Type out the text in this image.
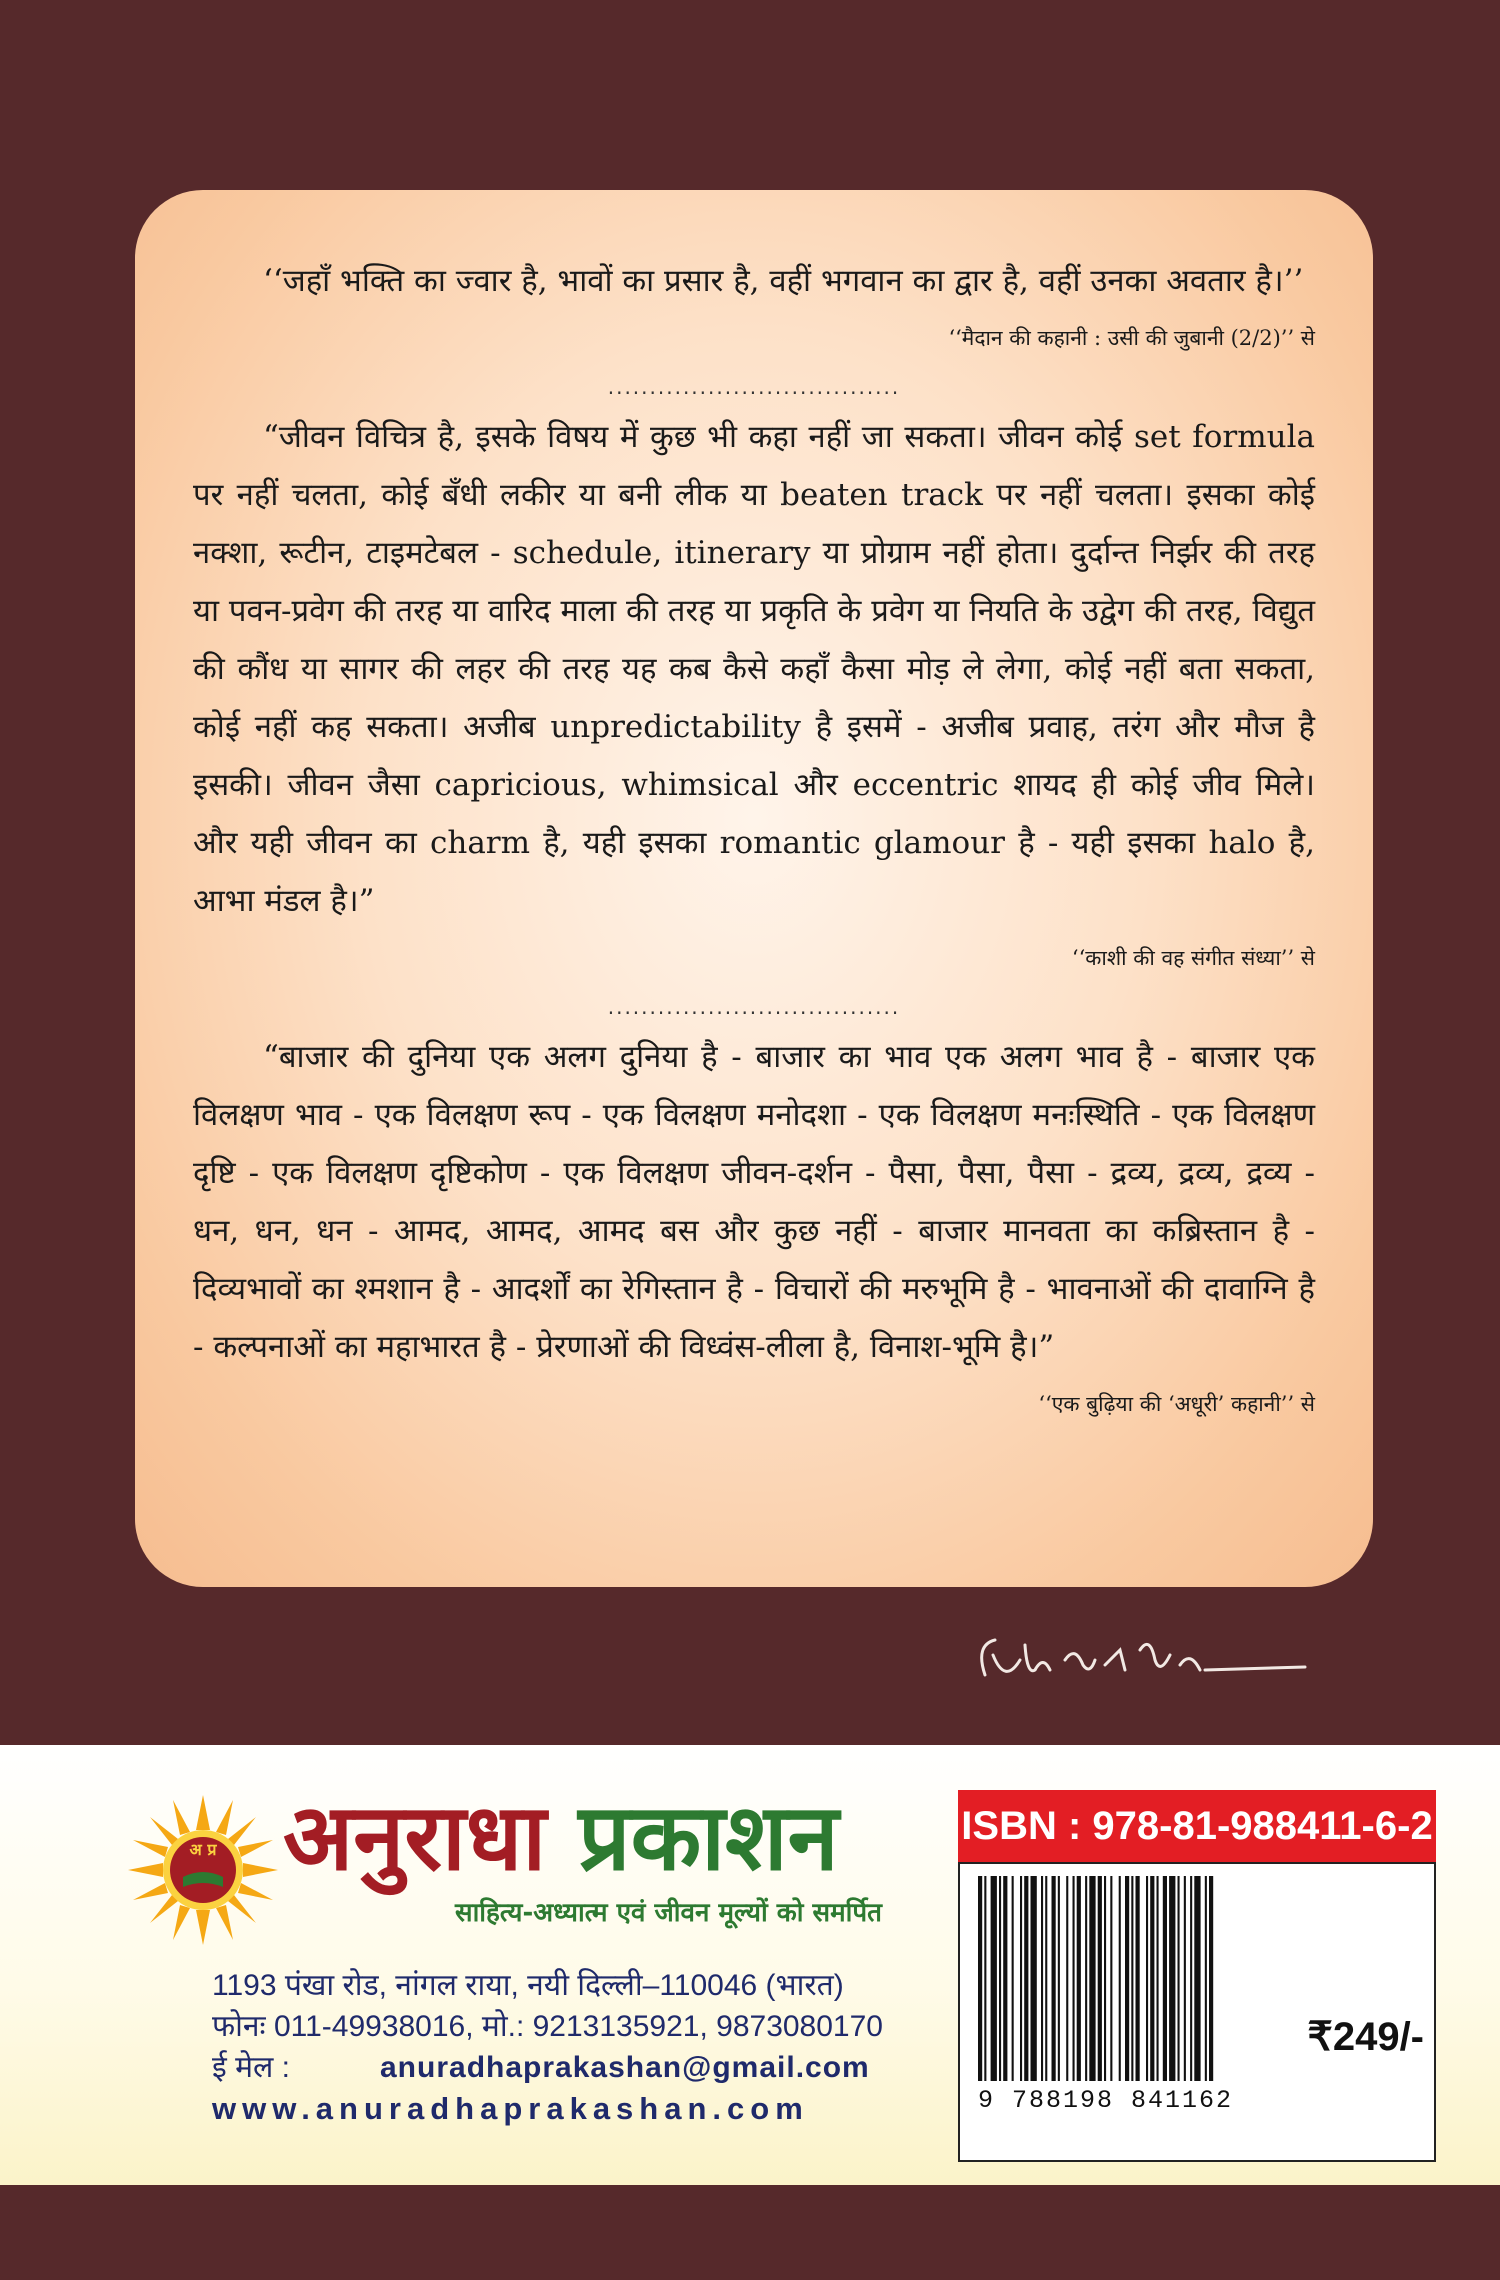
‘‘जहाँ भक्ति का ज्वार है, भावों का प्रसार है, वहीं भगवान का द्वार है, वहीं उनका अवतार है।’’

‘‘मैदान की कहानी : उसी की जुबानी (2/2)’’ से

...................................

“जीवन विचित्र है, इसके विषय में कुछ भी कहा नहीं जा सकता। जीवन कोई set formula पर नहीं चलता, कोई बँधी लकीर या बनी लीक या beaten track पर नहीं चलता। इसका कोई नक्शा, रूटीन, टाइमटेबल - schedule, itinerary या प्रोग्राम नहीं होता। दुर्दान्त निर्झर की तरह या पवन-प्रवेग की तरह या वारिद माला की तरह या प्रकृति के प्रवेग या नियति के उद्वेग की तरह, विद्युत की कौंध या सागर की लहर की तरह यह कब कैसे कहाँ कैसा मोड़ ले लेगा, कोई नहीं बता सकता, कोई नहीं कह सकता। अजीब unpredictability है इसमें - अजीब प्रवाह, तरंग और मौज है इसकी। जीवन जैसा capricious, whimsical और eccentric शायद ही कोई जीव मिले। और यही जीवन का charm है, यही इसका romantic glamour है - यही इसका halo है, आभा मंडल है।”

‘‘काशी की वह संगीत संध्या’’ से

...................................

“बाजार की दुनिया एक अलग दुनिया है - बाजार का भाव एक अलग भाव है - बाजार एक विलक्षण भाव - एक विलक्षण रूप - एक विलक्षण मनोदशा - एक विलक्षण मनःस्थिति - एक विलक्षण दृष्टि - एक विलक्षण दृष्टिकोण - एक विलक्षण जीवन-दर्शन - पैसा, पैसा, पैसा - द्रव्य, द्रव्य, द्रव्य - धन, धन, धन - आमद, आमद, आमद बस और कुछ नहीं - बाजार मानवता का कब्रिस्तान है - दिव्यभावों का श्मशान है - आदर्शों का रेगिस्तान है - विचारों की मरुभूमि है - भावनाओं की दावाग्नि है - कल्पनाओं का महाभारत है - प्रेरणाओं की विध्वंस-लीला है, विनाश-भूमि है।”

‘‘एक बुढ़िया की ‘अधूरी’ कहानी’’ से

अ प्र अनुराधा प्रकाशन
साहित्य-अध्यात्म एवं जीवन मूल्यों को समर्पित
1193 पंखा रोड, नांगल राया, नयी दिल्ली–110046 (भारत)
फोनः 011-49938016, मो.: 9213135921, 9873080170
ई मेल :	anuradhaprakashan@gmail.com
www.anuradhaprakashan.com
ISBN : 978-81-988411-6-2
9 788198 841162
₹249/-
